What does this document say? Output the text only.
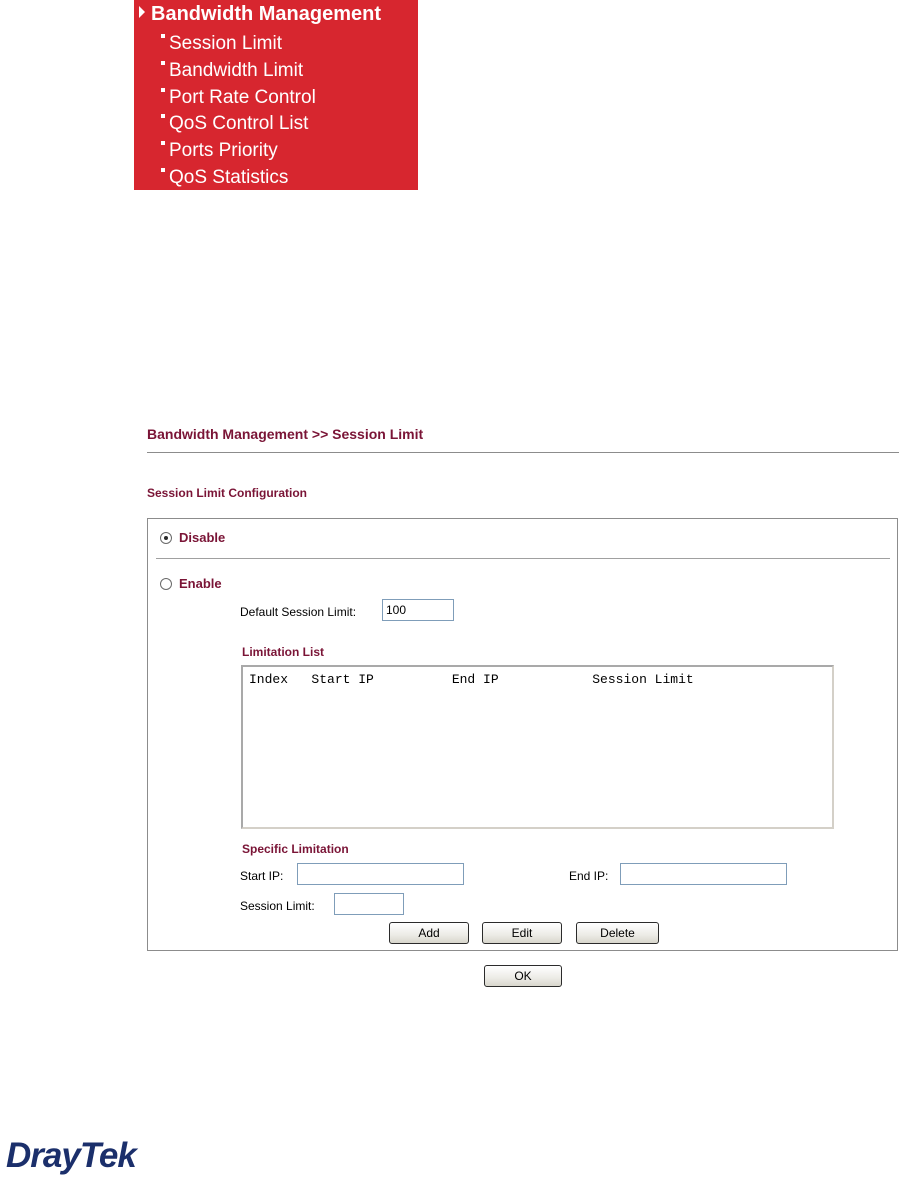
Bandwidth Management
Session Limit
Bandwidth Limit
Port Rate Control
QoS Control List
Ports Priority
QoS Statistics
Bandwidth Management >> Session Limit
Session Limit Configuration
Disable
Enable
Default Session Limit:
100
Limitation List
Index   Start IP          End IP            Session Limit
Specific Limitation
Start IP:	End IP:
Session Limit:
Add	Edit	Delete
OK
DrayTek
